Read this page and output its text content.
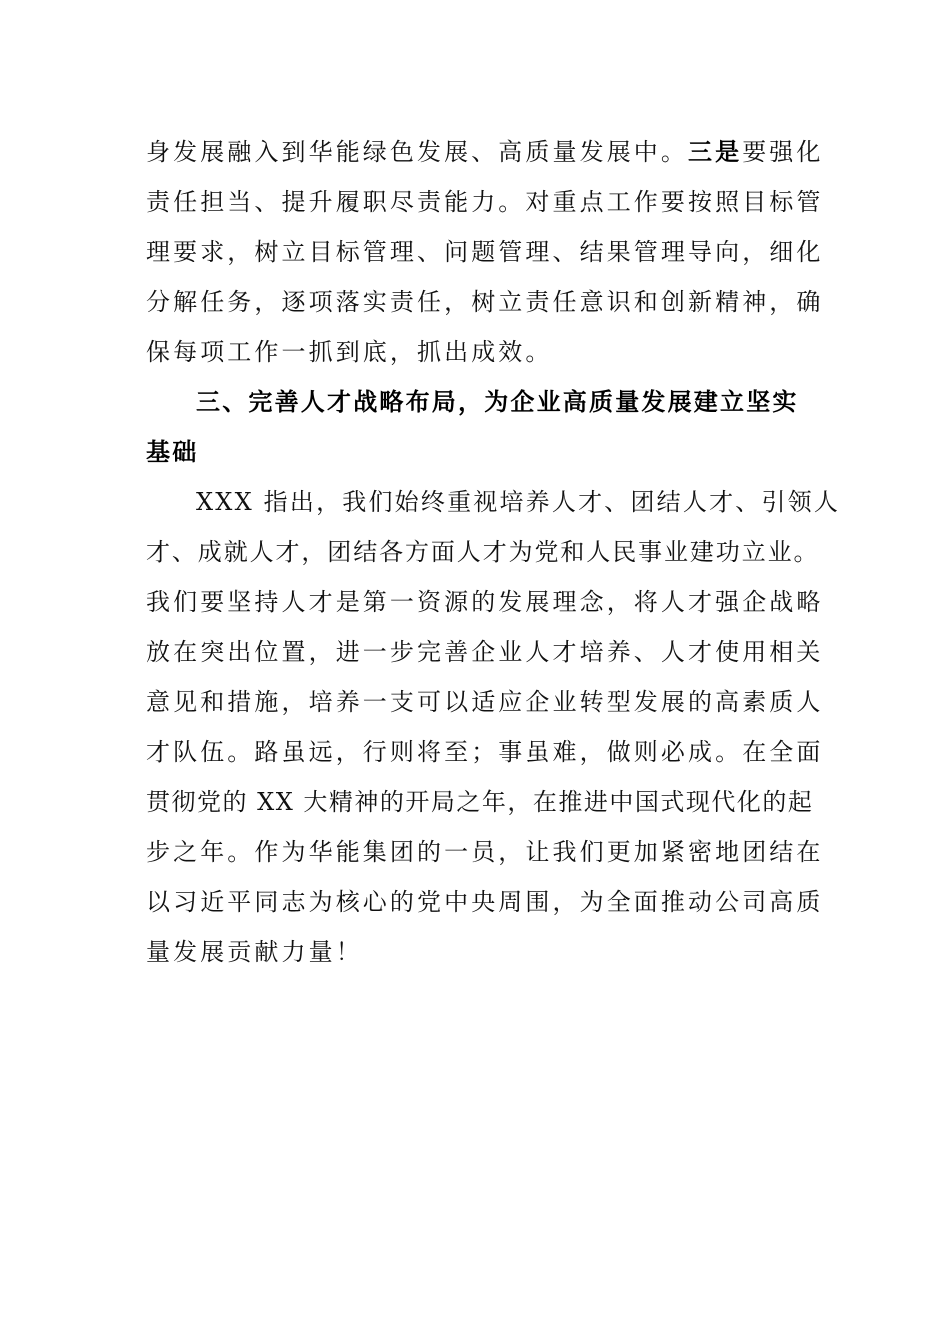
身发展融入到华能绿色发展、高质量发展中。三是要强化
责任担当、提升履职尽责能力。对重点工作要按照目标管
理要求，树立目标管理、问题管理、结果管理导向，细化
分解任务，逐项落实责任，树立责任意识和创新精神，确
保每项工作一抓到底，抓出成效。
三、完善人才战略布局，为企业高质量发展建立坚实
基础
XXX 指出，我们始终重视培养人才、团结人才、引领人
才、成就人才，团结各方面人才为党和人民事业建功立业。
我们要坚持人才是第一资源的发展理念，将人才强企战略
放在突出位置，进一步完善企业人才培养、人才使用相关
意见和措施，培养一支可以适应企业转型发展的高素质人
才队伍。路虽远，行则将至；事虽难，做则必成。在全面
贯彻党的 XX 大精神的开局之年，在推进中国式现代化的起
步之年。作为华能集团的一员，让我们更加紧密地团结在
以习近平同志为核心的党中央周围，为全面推动公司高质
量发展贡献力量！
